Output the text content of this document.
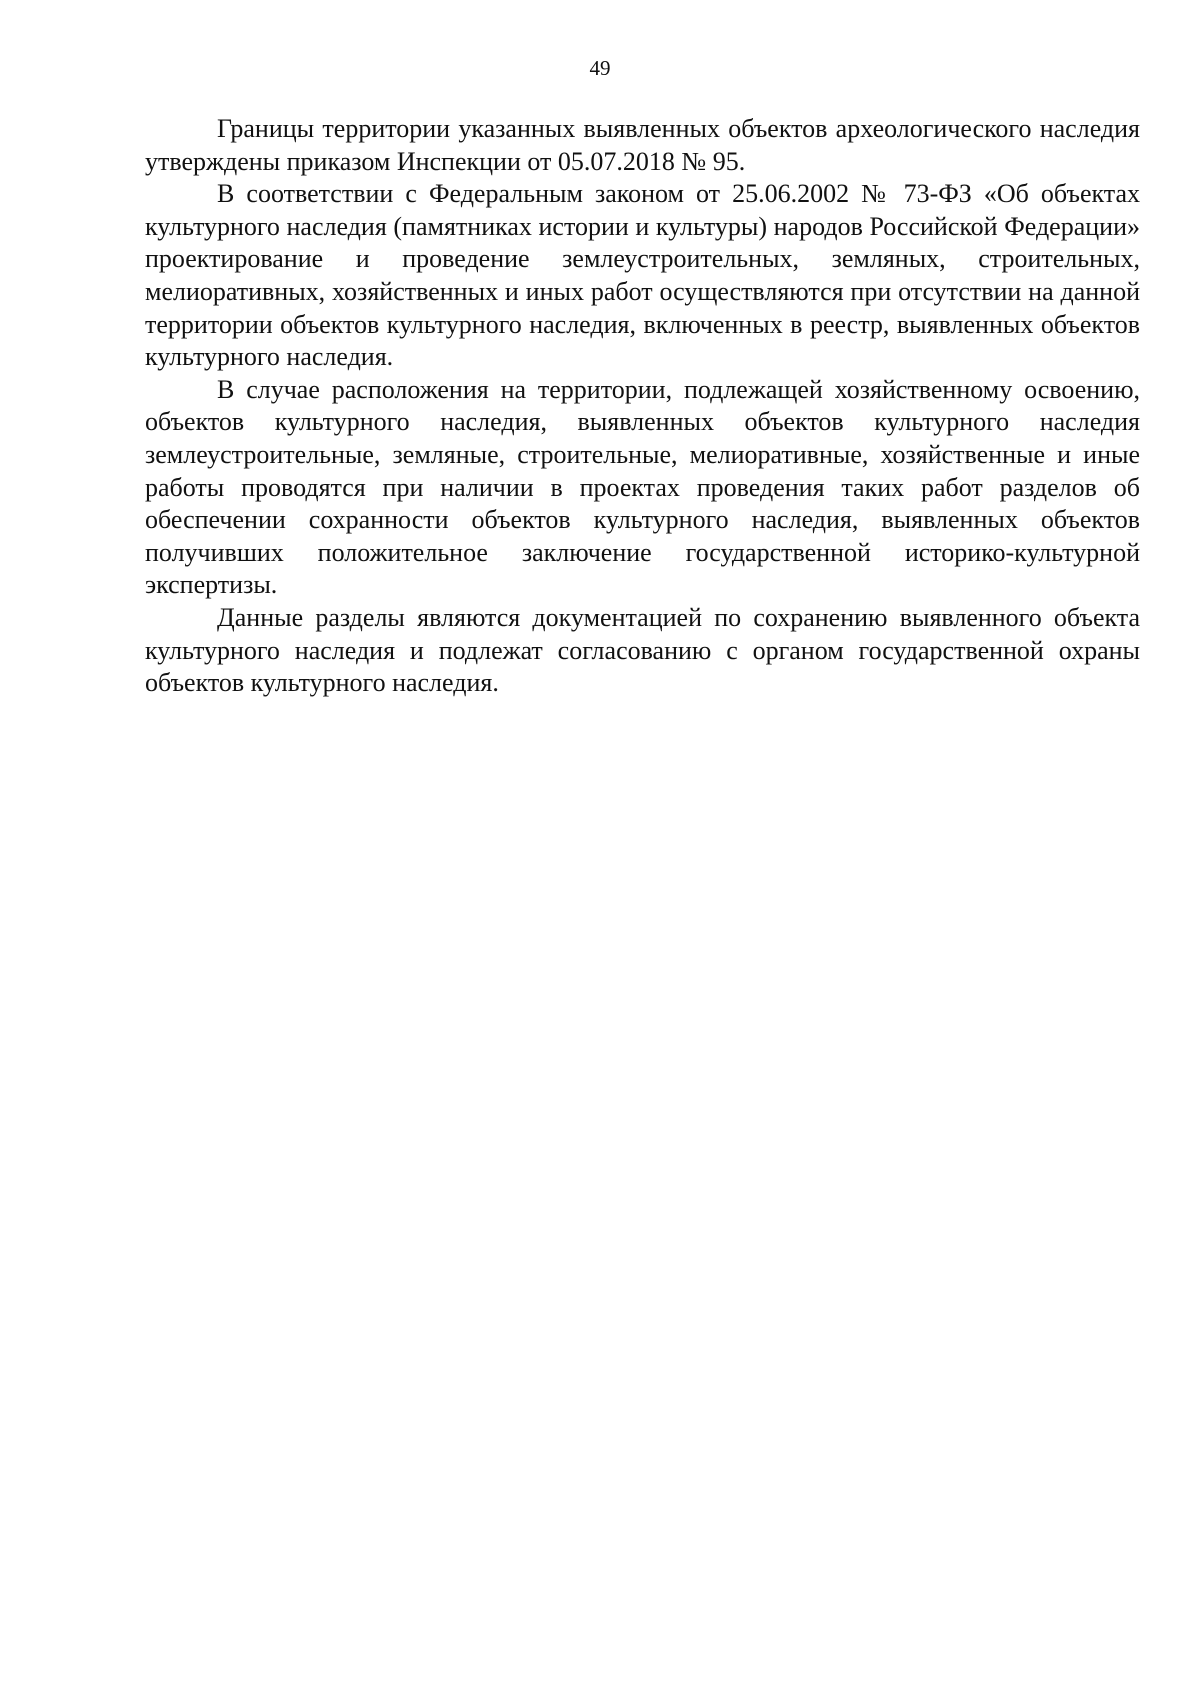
49

Границы территории указанных выявленных объектов археологического наследия утверждены приказом Инспекции от 05.07.2018 № 95.

В соответствии с Федеральным законом от 25.06.2002 № 73-ФЗ «Об объектах культурного наследия (памятниках истории и культуры) народов Российской Федерации» проектирование и проведение землеустроительных, земляных, строительных, мелиоративных, хозяйственных и иных работ осуществляются при отсутствии на данной территории объектов культурного наследия, включенных в реестр, выявленных объектов культурного наследия.

В случае расположения на территории, подлежащей хозяйственному освоению, объектов культурного наследия, выявленных объектов культурного наследия землеустроительные, земляные, строительные, мелиоративные, хозяйственные и иные работы проводятся при наличии в проектах проведения таких работ разделов об обеспечении сохранности объектов культурного наследия, выявленных объектов получивших положительное заключение государственной историко-культурной экспертизы.

Данные разделы являются документацией по сохранению выявленного объекта культурного наследия и подлежат согласованию с органом государственной охраны объектов культурного наследия.
